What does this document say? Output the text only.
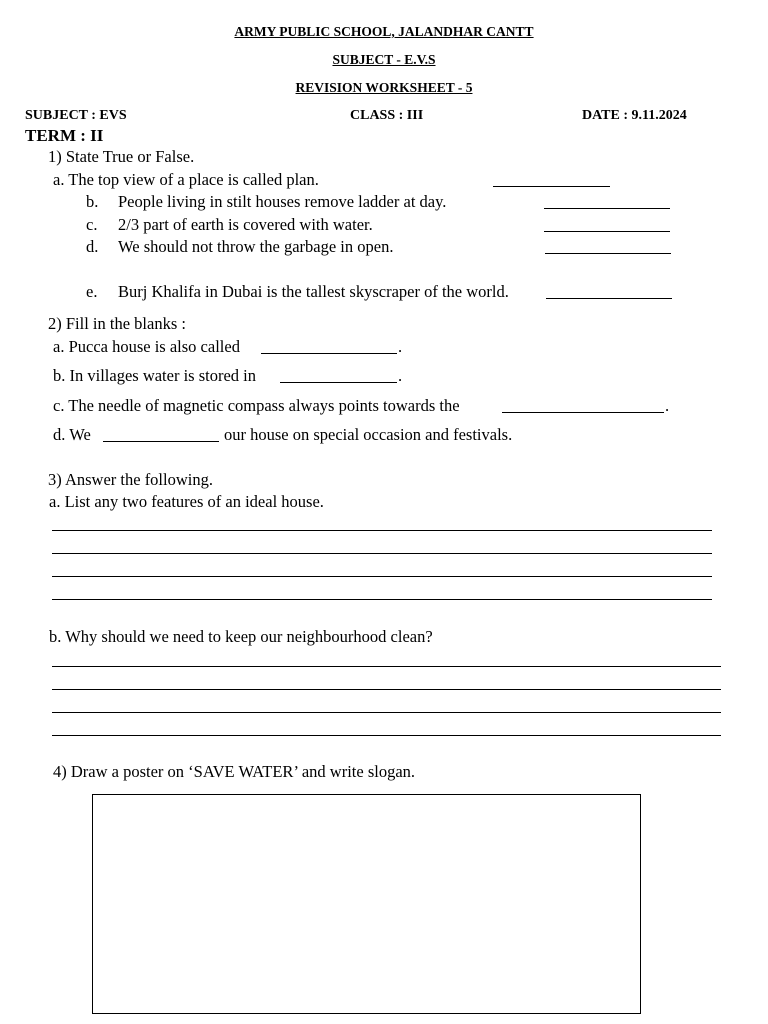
ARMY PUBLIC SCHOOL, JALANDHAR CANTT
SUBJECT - E.V.S
REVISION WORKSHEET - 5
SUBJECT : EVS	CLASS : III	DATE : 9.11.2024
TERM : II
1) State True or False.
a. The top view of a place is called plan.
b. People living in stilt houses remove ladder at day.
c. 2/3 part of earth is covered with water.
d. We should not throw the garbage in open.
e. Burj Khalifa in Dubai is the tallest skyscraper of the world.
2) Fill in the blanks :
a. Pucca house is also called	.
b. In villages water is stored in	.
c. The needle of magnetic compass always points towards the	.
d. We	our house on special occasion and festivals.
3) Answer the following.
a. List any two features of an ideal house.
b. Why should we need to keep our neighbourhood clean?
4) Draw a poster on ‘SAVE WATER’ and write slogan.
